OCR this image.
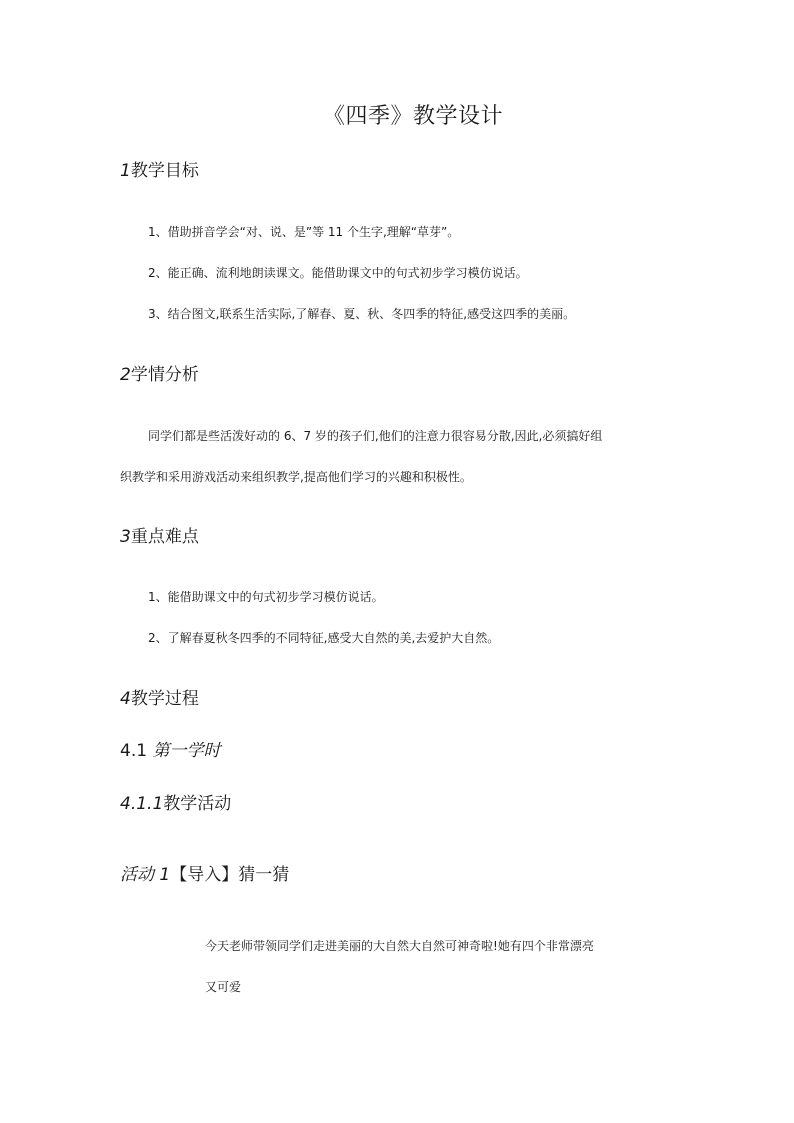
《四季》教学设计
1教学目标
1、借助拼音学会“对、说、是”等 11 个生字,理解“草芽”。
2、能正确、流利地朗读课文。能借助课文中的句式初步学习模仿说话。
3、结合图文,联系生活实际,了解春、夏、秋、冬四季的特征,感受这四季的美丽。
2学情分析
同学们都是些活泼好动的 6、7 岁的孩子们,他们的注意力很容易分散,因此,必须搞好组
织教学和采用游戏活动来组织教学,提高他们学习的兴趣和积极性。
3重点难点
1、能借助课文中的句式初步学习模仿说话。
2、了解春夏秋冬四季的不同特征,感受大自然的美,去爱护大自然。
4教学过程
4.1 第一学时
4.1.1教学活动
活动 1【导入】猜一猜
今天老师带领同学们走进美丽的大自然大自然可神奇啦!她有四个非常漂亮
又可爱
